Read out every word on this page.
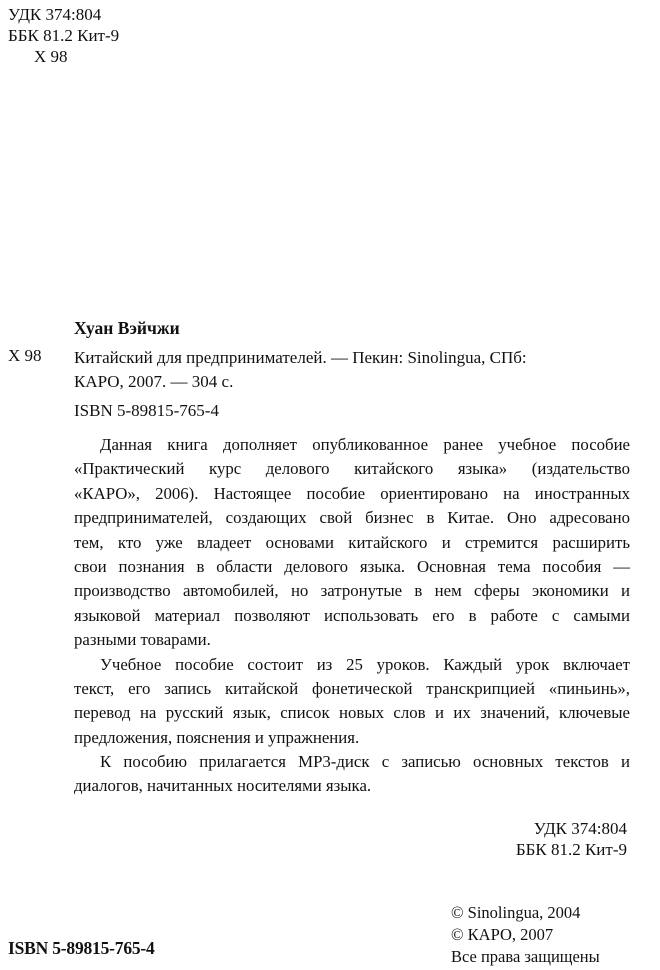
УДК 374:804
ББК 81.2 Кит-9
Х 98
Хуан Вэйчжи
Х 98 Китайский для предпринимателей. — Пекин: Sinolingua, СПб:
КАРО, 2007. — 304 с.
ISBN 5-89815-765-4
Данная книга дополняет опубликованное ранее учебное пособие
«Практический курс делового китайского языка» (издательство
«КАРО», 2006). Настоящее пособие ориентировано на иностранных
предпринимателей, создающих свой бизнес в Китае. Оно адресовано
тем, кто уже владеет основами китайского и стремится расширить
свои познания в области делового языка. Основная тема пособия —
производство автомобилей, но затронутые в нем сферы экономики и
языковой материал позволяют использовать его в работе с самыми
разными товарами.
Учебное пособие состоит из 25 уроков. Каждый урок включает
текст, его запись китайской фонетической транскрипцией «пиньинь»,
перевод на русский язык, список новых слов и их значений, ключевые
предложения, пояснения и упражнения.
К пособию прилагается МР3-диск с записью основных текстов и
диалогов, начитанных носителями языка.
УДК 374:804
ББК 81.2 Кит-9
ISBN 5-89815-765-4
© Sinolingua, 2004
© КАРО, 2007
Все права защищены
